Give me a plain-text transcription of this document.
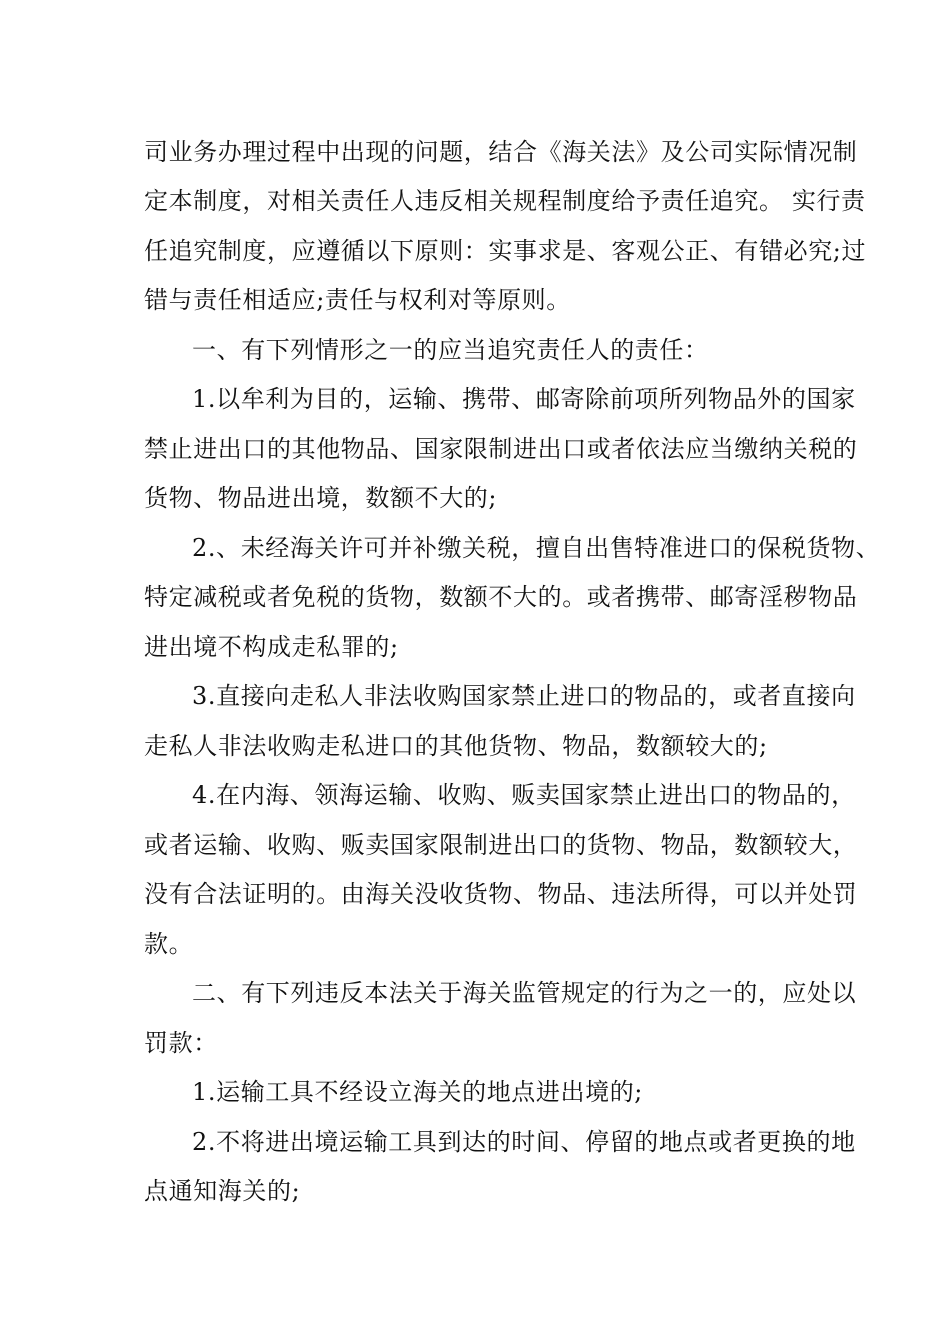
司业务办理过程中出现的问题，结合《海关法》及公司实际情况制
定本制度，对相关责任人违反相关规程制度给予责任追究。 实行责
任追究制度，应遵循以下原则：实事求是、客观公正、有错必究;过
错与责任相适应;责任与权利对等原则。
一、有下列情形之一的应当追究责任人的责任：
1.以牟利为目的，运输、携带、邮寄除前项所列物品外的国家
禁止进出口的其他物品、国家限制进出口或者依法应当缴纳关税的
货物、物品进出境，数额不大的;
2.、未经海关许可并补缴关税，擅自出售特准进口的保税货物、
特定减税或者免税的货物，数额不大的。或者携带、邮寄淫秽物品
进出境不构成走私罪的;
3.直接向走私人非法收购国家禁止进口的物品的，或者直接向
走私人非法收购走私进口的其他货物、物品，数额较大的;
4.在内海、领海运输、收购、贩卖国家禁止进出口的物品的，
或者运输、收购、贩卖国家限制进出口的货物、物品，数额较大，
没有合法证明的。由海关没收货物、物品、违法所得，可以并处罚
款。
二、有下列违反本法关于海关监管规定的行为之一的，应处以
罚款：
1.运输工具不经设立海关的地点进出境的;
2.不将进出境运输工具到达的时间、停留的地点或者更换的地
点通知海关的;
